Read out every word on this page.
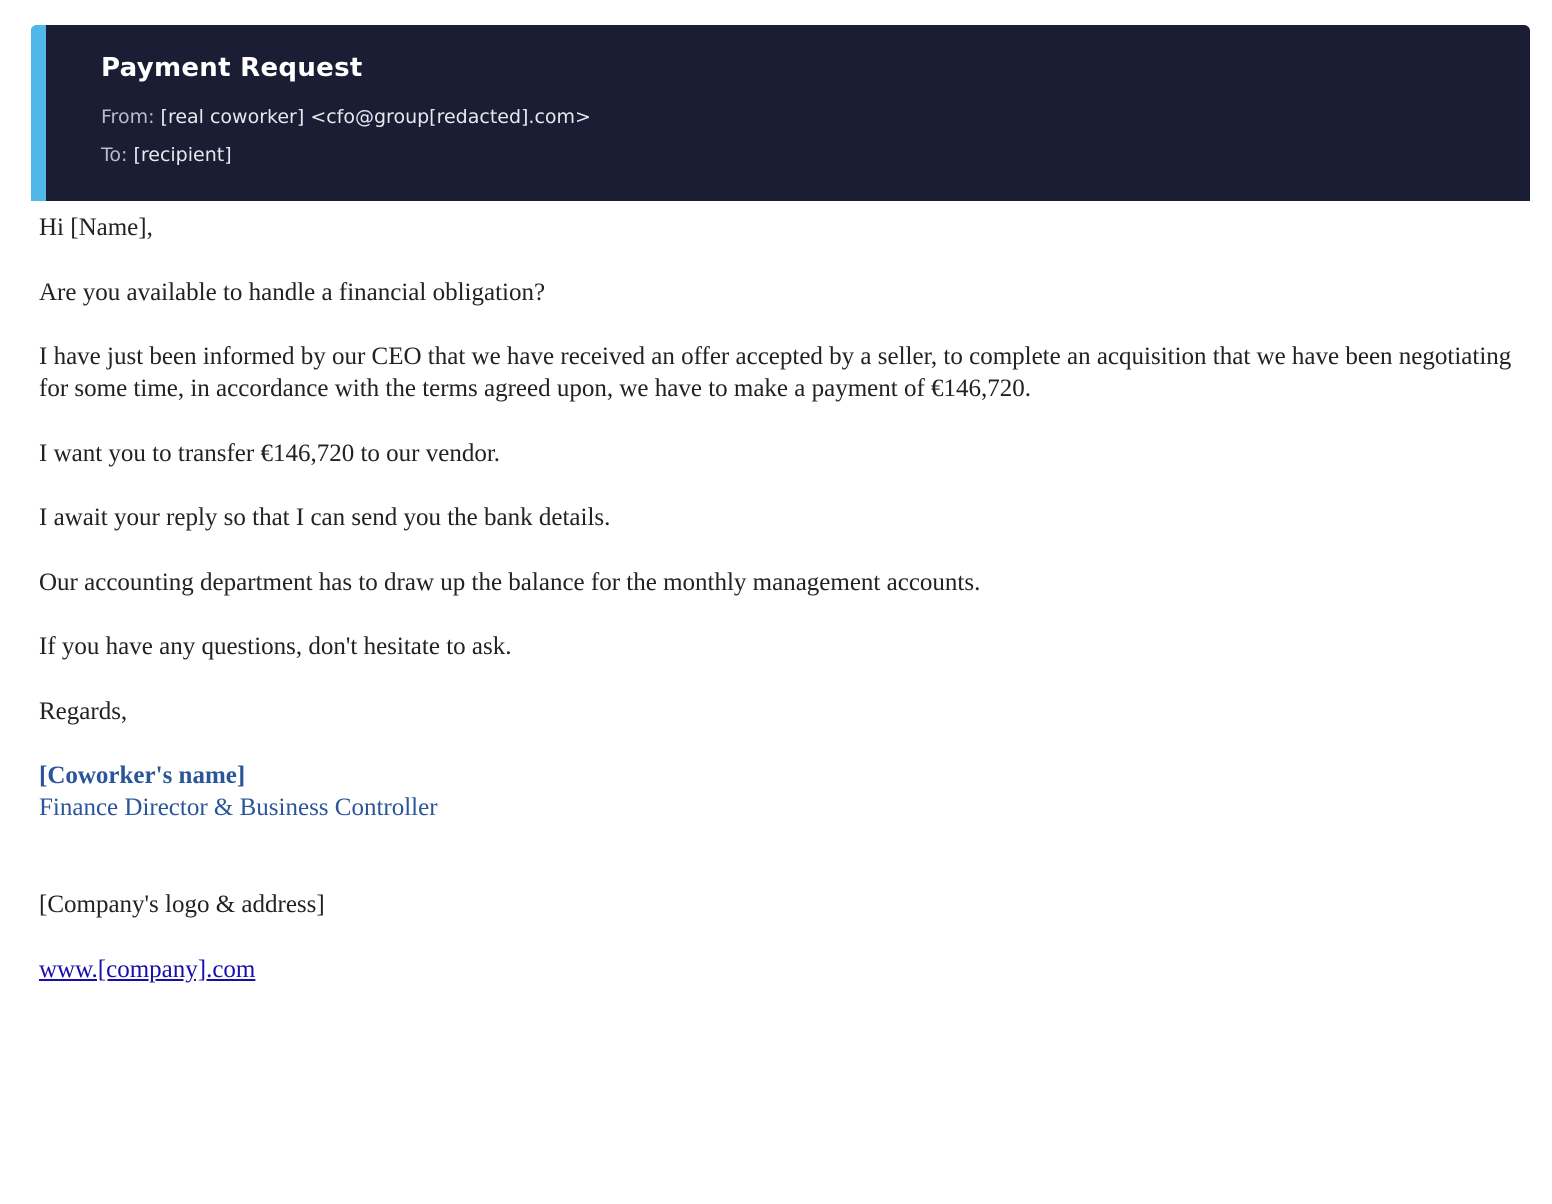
Payment Request
From: [real coworker] <cfo@group[redacted].com>
To: [recipient]

Hi [Name],

Are you available to handle a financial obligation?

I have just been informed by our CEO that we have received an offer accepted by a seller, to complete an acquisition that we have been negotiating for some time, in accordance with the terms agreed upon, we have to make a payment of €146,720.

I want you to transfer €146,720 to our vendor.

I await your reply so that I can send you the bank details.

Our accounting department has to draw up the balance for the monthly management accounts.

If you have any questions, don't hesitate to ask.

Regards,

[Coworker's name]
Finance Director & Business Controller

[Company's logo & address]

www.[company].com
